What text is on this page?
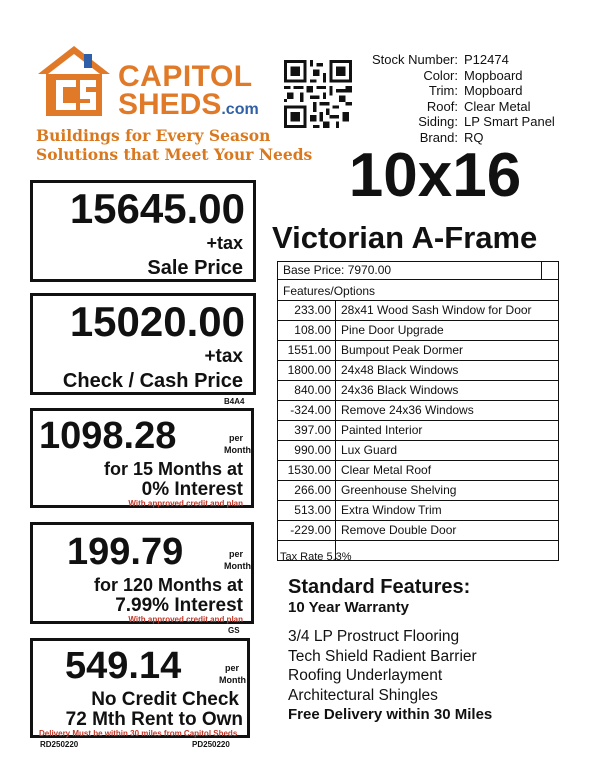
CAPITOL
SHEDS.com
Buildings for Every Season
Solutions that Meet Your Needs
Stock Number: P12474
Color: Mopboard
Trim: Mopboard
Roof: Clear Metal
Siding: LP Smart Panel
Brand: RQ
10x16
Victorian A-Frame
15645.00
+tax
Sale Price
15020.00
+tax
Check / Cash Price
B4A4
1098.28	per
Month
for 15 Months at
0% Interest
With approved credit and plan
199.79	per
Month
for 120 Months at
7.99% Interest
With approved credit and plan
GS
549.14	per
Month
No Credit Check
72 Mth Rent to Own
Delivery Must be within 30 miles from Capitol Sheds
RD250220	PD250220
Base Price: 7970.00
Features/Options
233.00 28x41 Wood Sash Window for Door
108.00 Pine Door Upgrade
1551.00 Bumpout Peak Dormer
1800.00 24x48 Black Windows
840.00 24x36 Black Windows
-324.00 Remove 24x36 Windows
397.00 Painted Interior
990.00 Lux Guard
1530.00 Clear Metal Roof
266.00 Greenhouse Shelving
513.00 Extra Window Trim
-229.00 Remove Double Door
Tax Rate 5.3%
Standard Features:
10 Year Warranty
3/4 LP Prostruct Flooring
Tech Shield Radient Barrier
Roofing Underlayment
Architectural Shingles
Free Delivery within 30 Miles
